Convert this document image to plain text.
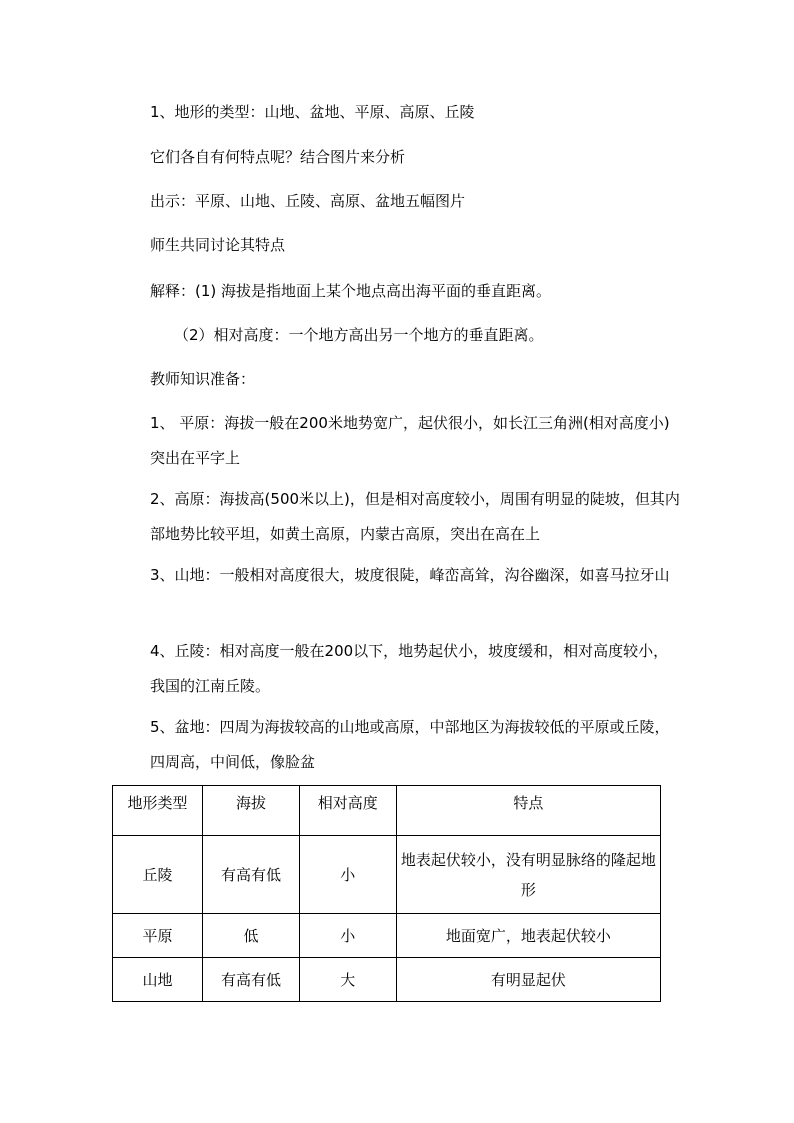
1、地形的类型：山地、盆地、平原、高原、丘陵
它们各自有何特点呢？结合图片来分析
出示：平原、山地、丘陵、高原、盆地五幅图片
师生共同讨论其特点
解释：(1) 海拔是指地面上某个地点高出海平面的垂直距离。
（2）相对高度：一个地方高出另一个地方的垂直距离。
教师知识准备：
1、 平原：海拔一般在200米地势宽广，起伏很小，如长江三角洲(相对高度小)突出在平字上
2、高原：海拔高(500米以上)，但是相对高度较小，周围有明显的陡坡，但其内部地势比较平坦，如黄土高原，内蒙古高原，突出在高在上
3、山地：一般相对高度很大，坡度很陡，峰峦高耸，沟谷幽深，如喜马拉牙山
4、丘陵：相对高度一般在200以下，地势起伏小，坡度缓和，相对高度较小，我国的江南丘陵。
5、盆地：四周为海拔较高的山地或高原，中部地区为海拔较低的平原或丘陵，四周高，中间低，像脸盆
地形类型	海拔	相对高度	特点
丘陵	有高有低	小	地表起伏较小，没有明显脉络的隆起地形
平原	低	小	地面宽广，地表起伏较小
山地	有高有低	大	有明显起伏
